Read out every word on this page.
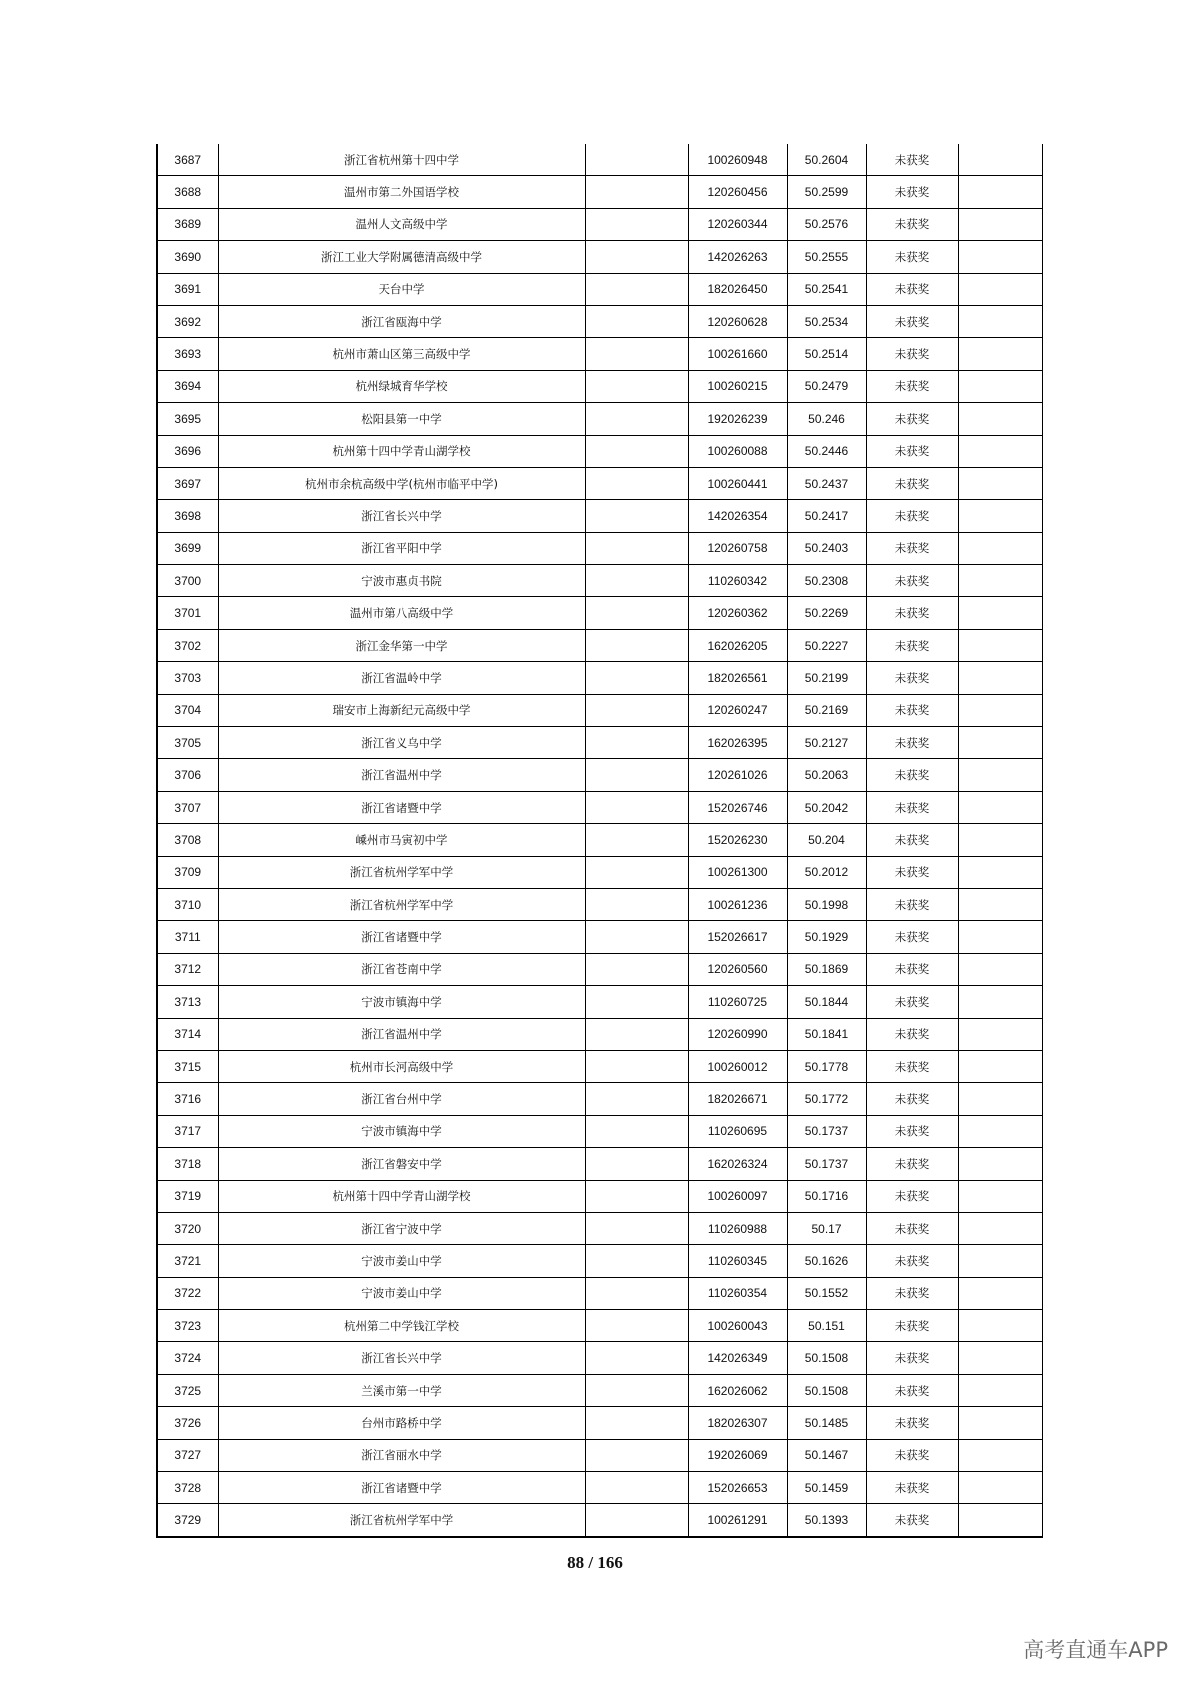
3687	浙江省杭州第十四中学		100260948	50.2604	未获奖	
3688	温州市第二外国语学校		120260456	50.2599	未获奖	
3689	温州人文高级中学		120260344	50.2576	未获奖	
3690	浙江工业大学附属德清高级中学		142026263	50.2555	未获奖	
3691	天台中学		182026450	50.2541	未获奖	
3692	浙江省瓯海中学		120260628	50.2534	未获奖	
3693	杭州市萧山区第三高级中学		100261660	50.2514	未获奖	
3694	杭州绿城育华学校		100260215	50.2479	未获奖	
3695	松阳县第一中学		192026239	50.246	未获奖	
3696	杭州第十四中学青山湖学校		100260088	50.2446	未获奖	
3697	杭州市余杭高级中学(杭州市临平中学)		100260441	50.2437	未获奖	
3698	浙江省长兴中学		142026354	50.2417	未获奖	
3699	浙江省平阳中学		120260758	50.2403	未获奖	
3700	宁波市惠贞书院		110260342	50.2308	未获奖	
3701	温州市第八高级中学		120260362	50.2269	未获奖	
3702	浙江金华第一中学		162026205	50.2227	未获奖	
3703	浙江省温岭中学		182026561	50.2199	未获奖	
3704	瑞安市上海新纪元高级中学		120260247	50.2169	未获奖	
3705	浙江省义乌中学		162026395	50.2127	未获奖	
3706	浙江省温州中学		120261026	50.2063	未获奖	
3707	浙江省诸暨中学		152026746	50.2042	未获奖	
3708	嵊州市马寅初中学		152026230	50.204	未获奖	
3709	浙江省杭州学军中学		100261300	50.2012	未获奖	
3710	浙江省杭州学军中学		100261236	50.1998	未获奖	
3711	浙江省诸暨中学		152026617	50.1929	未获奖	
3712	浙江省苍南中学		120260560	50.1869	未获奖	
3713	宁波市镇海中学		110260725	50.1844	未获奖	
3714	浙江省温州中学		120260990	50.1841	未获奖	
3715	杭州市长河高级中学		100260012	50.1778	未获奖	
3716	浙江省台州中学		182026671	50.1772	未获奖	
3717	宁波市镇海中学		110260695	50.1737	未获奖	
3718	浙江省磐安中学		162026324	50.1737	未获奖	
3719	杭州第十四中学青山湖学校		100260097	50.1716	未获奖	
3720	浙江省宁波中学		110260988	50.17	未获奖	
3721	宁波市姜山中学		110260345	50.1626	未获奖	
3722	宁波市姜山中学		110260354	50.1552	未获奖	
3723	杭州第二中学钱江学校		100260043	50.151	未获奖	
3724	浙江省长兴中学		142026349	50.1508	未获奖	
3725	兰溪市第一中学		162026062	50.1508	未获奖	
3726	台州市路桥中学		182026307	50.1485	未获奖	
3727	浙江省丽水中学		192026069	50.1467	未获奖	
3728	浙江省诸暨中学		152026653	50.1459	未获奖	
3729	浙江省杭州学军中学		100261291	50.1393	未获奖	
88 / 166
高考直通车APP
